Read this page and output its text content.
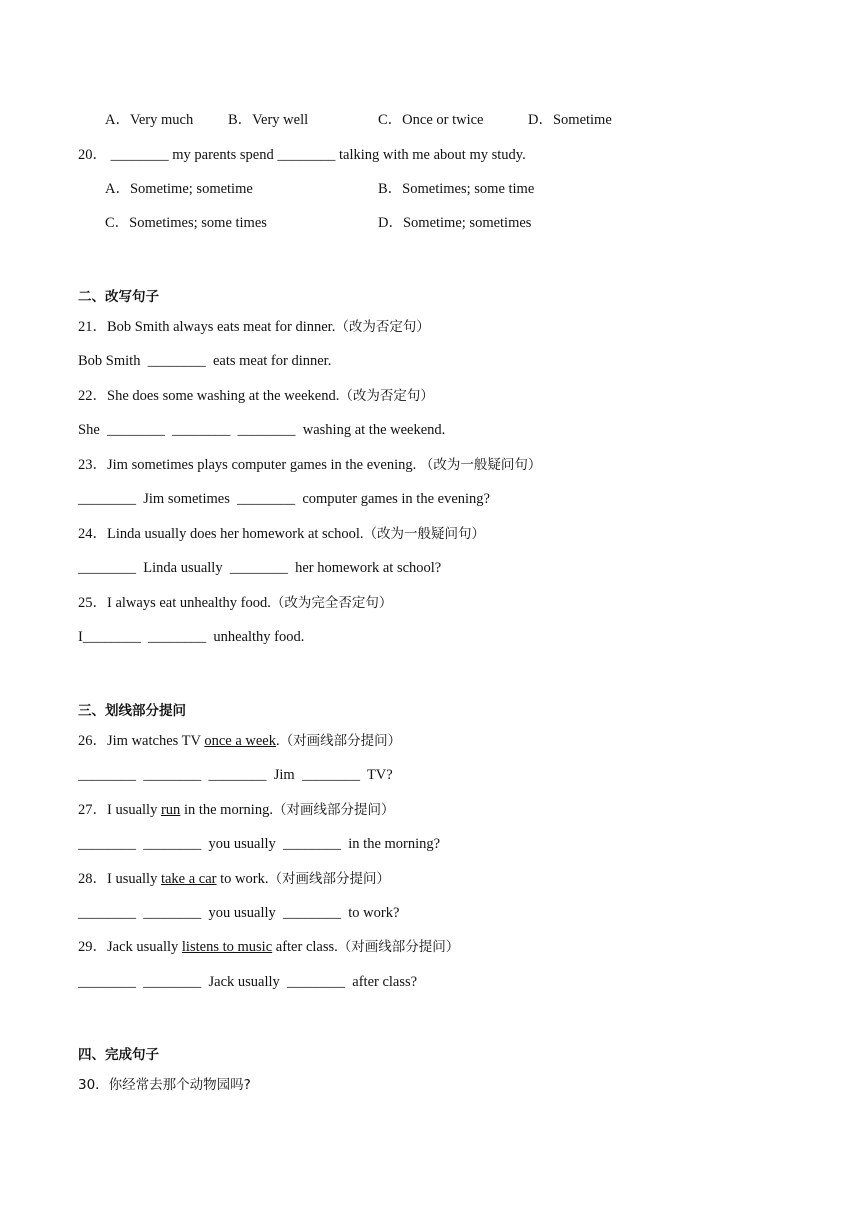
A．Very much B．Very well	C．Once or twice	D．Sometime
20． ________ my parents spend ________ talking with me about my study.
A．Sometime; sometime	B．Sometimes; some time
C．Sometimes; some times	D．Sometime; sometimes
二、改写句子
21．Bob Smith always eats meat for dinner.（改为否定句）
Bob Smith  ________  eats meat for dinner.
22．She does some washing at the weekend.（改为否定句）
She  ________  ________  ________  washing at the weekend.
23．Jim sometimes plays computer games in the evening. （改为一般疑问句）
________  Jim sometimes  ________  computer games in the evening?
24．Linda usually does her homework at school.（改为一般疑问句）
________  Linda usually  ________  her homework at school?
25．I always eat unhealthy food.（改为完全否定句）
I________  ________  unhealthy food.
三、划线部分提问
26．Jim watches TV once a week.（对画线部分提问）
________  ________  ________  Jim  ________  TV?
27．I usually run in the morning.（对画线部分提问）
________  ________  you usually  ________  in the morning?
28．I usually take a car to work.（对画线部分提问）
________  ________  you usually  ________  to work?
29．Jack usually listens to music after class.（对画线部分提问）
________  ________  Jack usually  ________  after class?
四、完成句子
30．你经常去那个动物园吗?
